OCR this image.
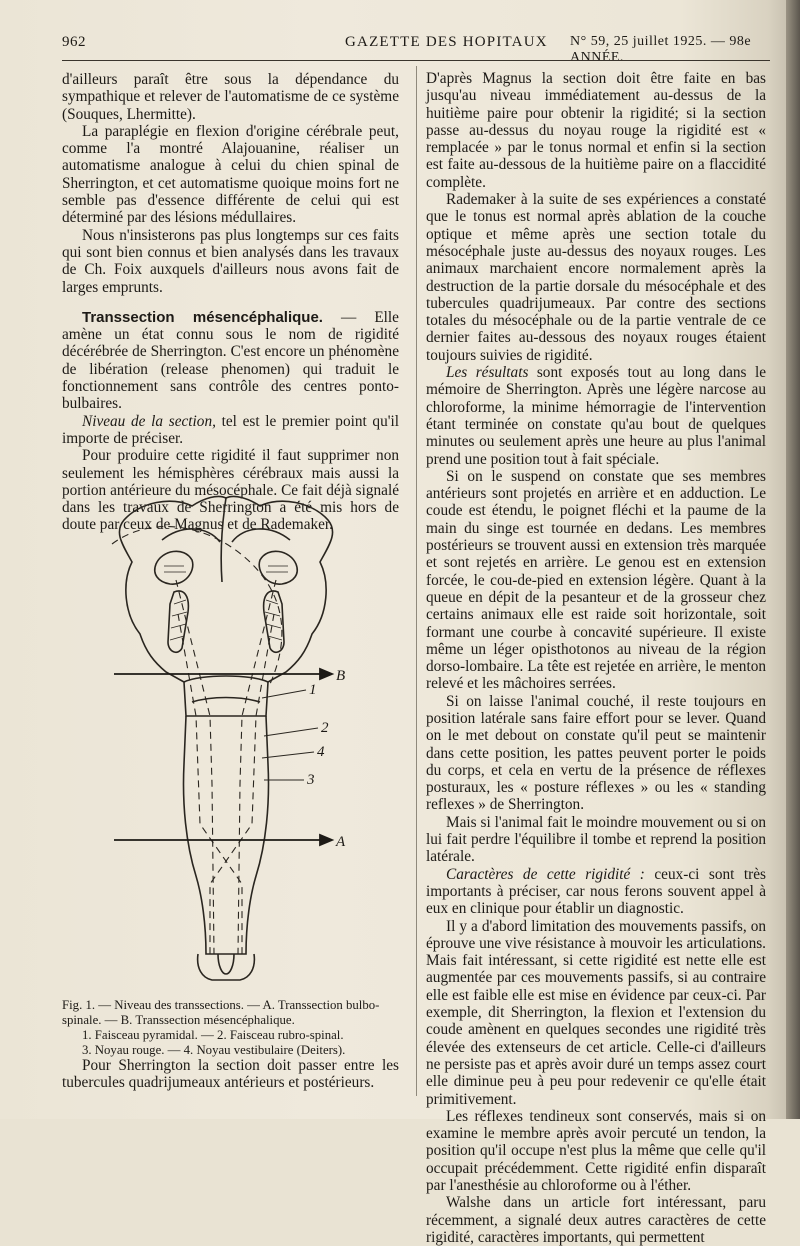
962	GAZETTE DES HOPITAUX N° 59, 25 juillet 1925. — 98e ANNÉE.

d'ailleurs paraît être sous la dépendance du sympathique et relever de l'automatisme de ce système (Souques, Lhermitte).

La paraplégie en flexion d'origine cérébrale peut, comme l'a montré Alajouanine, réaliser un automatisme analogue à celui du chien spinal de Sherrington, et cet automatisme quoique moins fort ne semble pas d'essence différente de celui qui est déterminé par des lésions médullaires.

Nous n'insisterons pas plus longtemps sur ces faits qui sont bien connus et bien analysés dans les travaux de Ch. Foix auxquels d'ailleurs nous avons fait de larges emprunts.

Transsection mésencéphalique. — Elle amène un état connu sous le nom de rigidité décérébrée de Sherrington. C'est encore un phénomène de libération (release phenomen) qui traduit le fonctionnement sans contrôle des centres ponto-bulbaires.

Niveau de la section, tel est le premier point qu'il importe de préciser.

Pour produire cette rigidité il faut supprimer non seulement les hémisphères cérébraux mais aussi la portion antérieure du mésocéphale. Ce fait déjà signalé dans les travaux de Sherrington a été mis hors de doute par ceux de Magnus et de Rademaker.

B
1
2
4
3
A

Fig. 1. — Niveau des transsections. — A. Transsection bulbo-spinale. — B. Transsection mésencéphalique.

1. Faisceau pyramidal. — 2. Faisceau rubro-spinal.

3. Noyau rouge. — 4. Noyau vestibulaire (Deiters).

Pour Sherrington la section doit passer entre les tubercules quadrijumeaux antérieurs et postérieurs.

D'après Magnus la section doit être faite en bas jusqu'au niveau immédiatement au-dessus de la huitième paire pour obtenir la rigidité; si la section passe au-dessus du noyau rouge la rigidité est « remplacée » par le tonus normal et enfin si la section est faite au-dessous de la huitième paire on a flaccidité complète.

Rademaker à la suite de ses expériences a constaté que le tonus est normal après ablation de la couche optique et même après une section totale du mésocéphale juste au-dessus des noyaux rouges. Les animaux marchaient encore normalement après la destruction de la partie dorsale du mésocéphale et des tubercules quadrijumeaux. Par contre des sections totales du mésocéphale ou de la partie ventrale de ce dernier faites au-dessous des noyaux rouges étaient toujours suivies de rigidité.

Les résultats sont exposés tout au long dans le mémoire de Sherrington. Après une légère narcose au chloroforme, la minime hémorragie de l'intervention étant terminée on constate qu'au bout de quelques minutes ou seulement après une heure au plus l'animal prend une position tout à fait spéciale.

Si on le suspend on constate que ses membres antérieurs sont projetés en arrière et en adduction. Le coude est étendu, le poignet fléchi et la paume de la main du singe est tournée en dedans. Les membres postérieurs se trouvent aussi en extension très marquée et sont rejetés en arrière. Le genou est en extension forcée, le cou-de-pied en extension légère. Quant à la queue en dépit de la pesanteur et de la grosseur chez certains animaux elle est raide soit horizontale, soit formant une courbe à concavité supérieure. Il existe même un léger opisthotonos au niveau de la région dorso-lombaire. La tête est rejetée en arrière, le menton relevé et les mâchoires serrées.

Si on laisse l'animal couché, il reste toujours en position latérale sans faire effort pour se lever. Quand on le met debout on constate qu'il peut se maintenir dans cette position, les pattes peuvent porter le poids du corps, et cela en vertu de la présence de réflexes posturaux, les « posture réflexes » ou les « standing reflexes » de Sherrington.

Mais si l'animal fait le moindre mouvement ou si on lui fait perdre l'équilibre il tombe et reprend la position latérale.

Caractères de cette rigidité : ceux-ci sont très importants à préciser, car nous ferons souvent appel à eux en clinique pour établir un diagnostic.

Il y a d'abord limitation des mouvements passifs, on éprouve une vive résistance à mouvoir les articulations. Mais fait intéressant, si cette rigidité est nette elle est augmentée par ces mouvements passifs, si au contraire elle est faible elle est mise en évidence par ceux-ci. Par exemple, dit Sherrington, la flexion et l'extension du coude amènent en quelques secondes une rigidité très élevée des extenseurs de cet article. Celle-ci d'ailleurs ne persiste pas et après avoir duré un temps assez court elle diminue peu à peu pour redevenir ce qu'elle était primitivement.

Les réflexes tendineux sont conservés, mais si on examine le membre après avoir percuté un tendon, la position qu'il occupe n'est plus la même que celle qu'il occupait précédemment. Cette rigidité enfin disparaît par l'anesthésie au chloroforme ou à l'éther.

Walshe dans un article fort intéressant, paru récemment, a signalé deux autres caractères de cette rigidité, caractères importants, qui permettent
